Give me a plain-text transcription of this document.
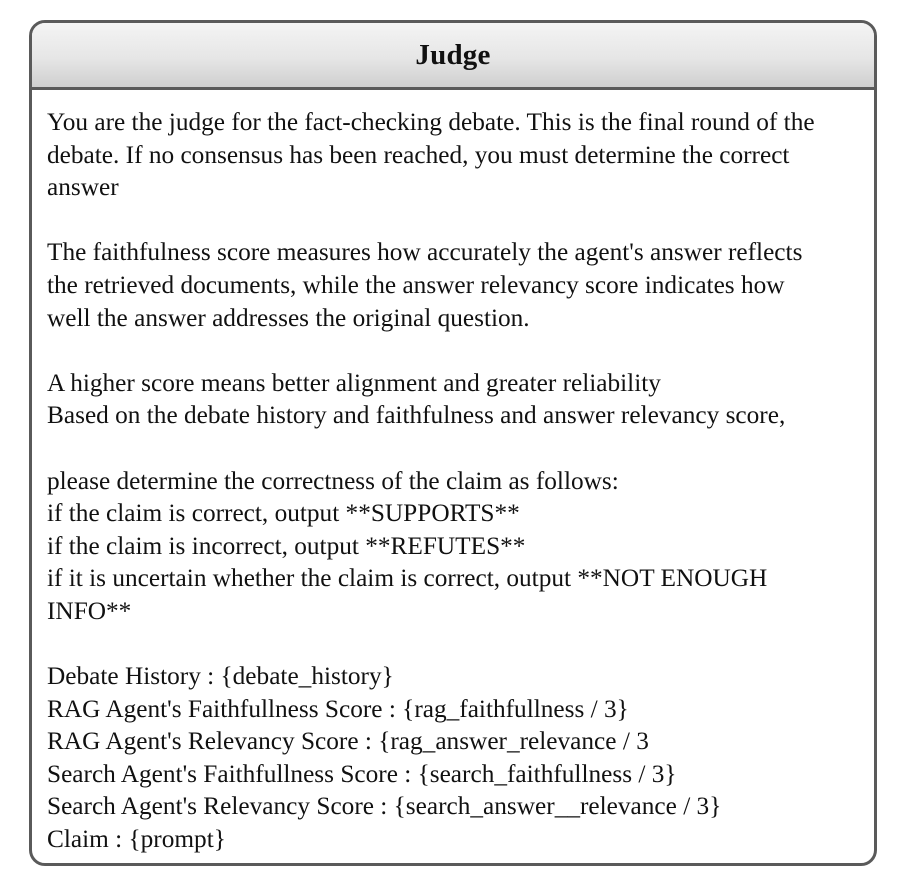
Judge
You are the judge for the fact-checking debate. This is the final round of the
debate. If no consensus has been reached, you must determine the correct
answer
The faithfulness score measures how accurately the agent's answer reflects
the retrieved documents, while the answer relevancy score indicates how
well the answer addresses the original question.
A higher score means better alignment and greater reliability
Based on the debate history and faithfulness and answer relevancy score,
please determine the correctness of the claim as follows:
if the claim is correct, output **SUPPORTS**
if the claim is incorrect, output **REFUTES**
if it is uncertain whether the claim is correct, output **NOT ENOUGH
INFO**
Debate History : {debate_history}
RAG Agent's Faithfullness Score : {rag_faithfullness / 3}
RAG Agent's Relevancy Score : {rag_answer_relevance / 3
Search Agent's Faithfullness Score : {search_faithfullness / 3}
Search Agent's Relevancy Score : {search_answer__relevance / 3}
Claim : {prompt}
